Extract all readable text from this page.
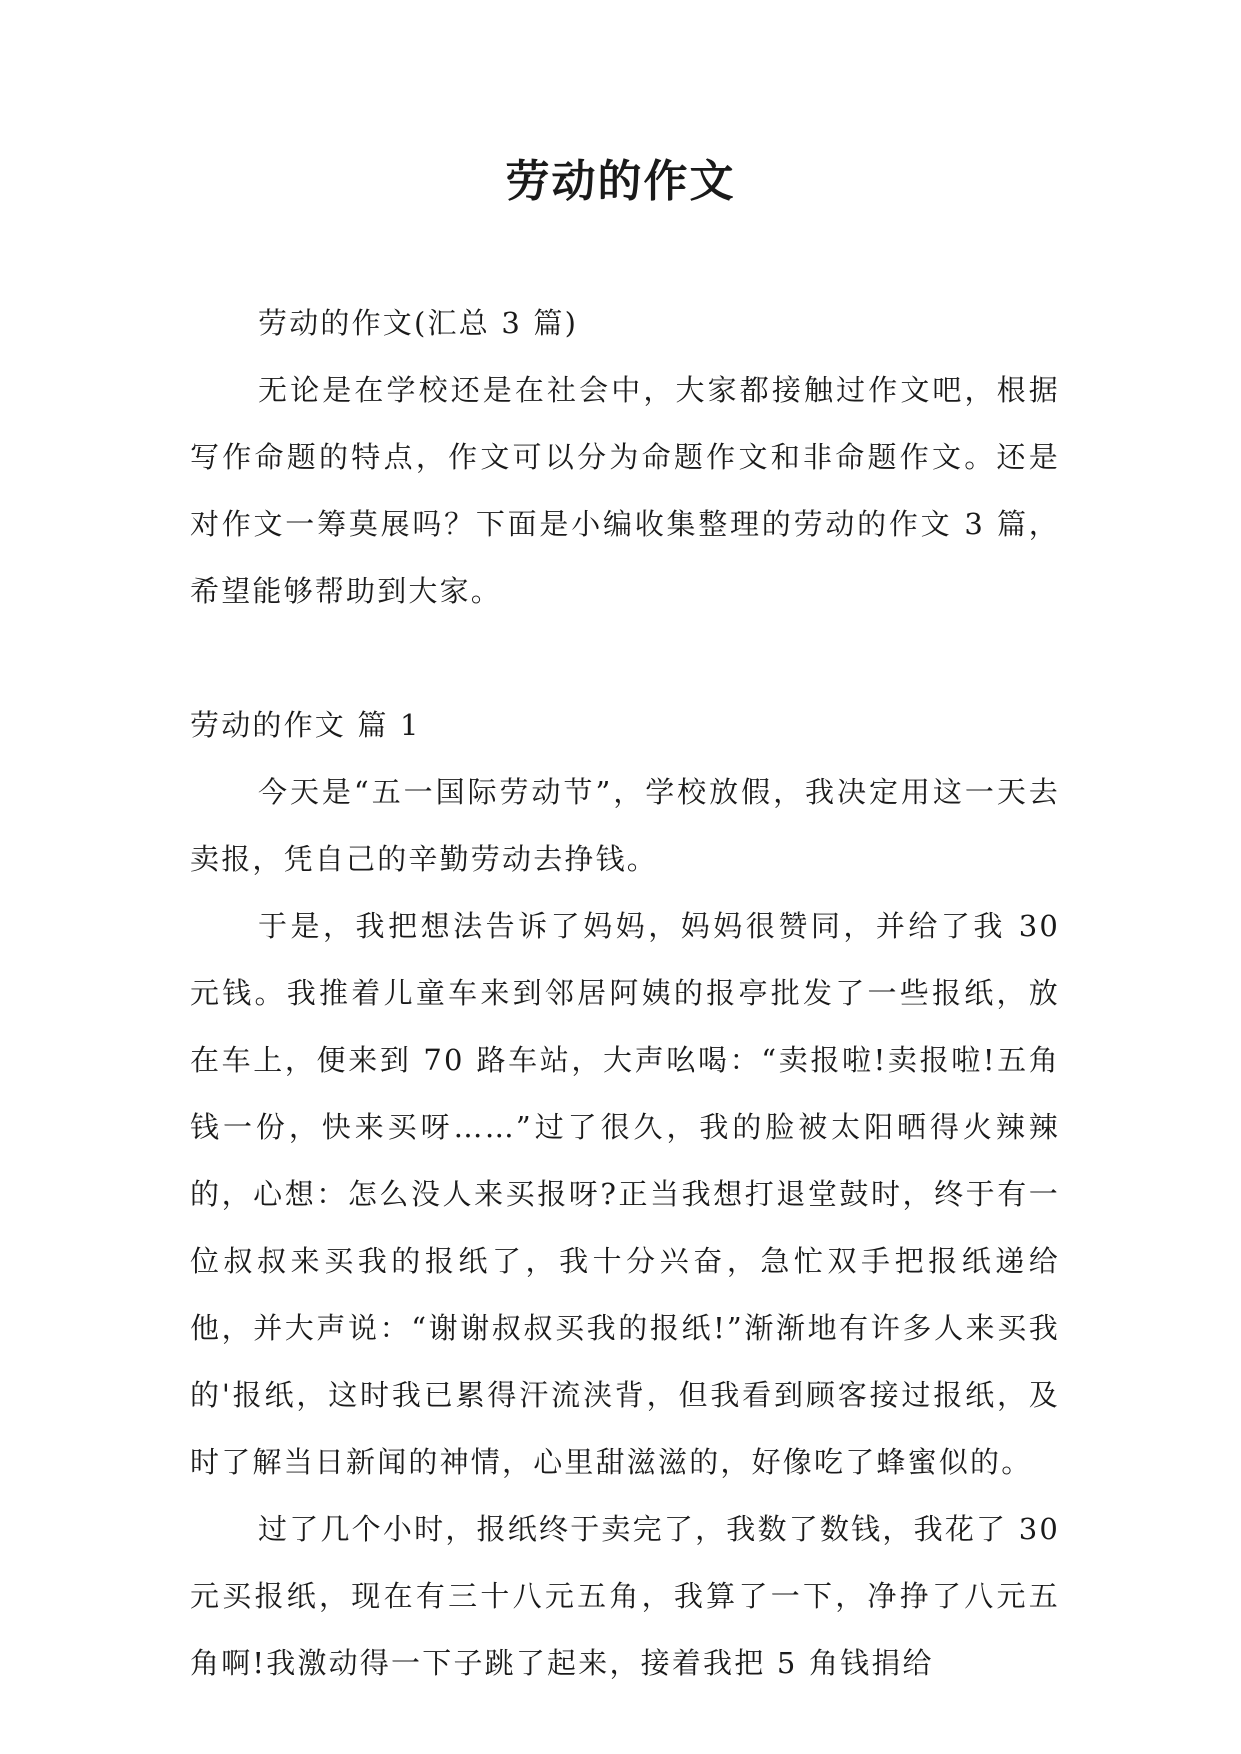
劳动的作文

劳动的作文(汇总 3 篇)

无论是在学校还是在社会中，大家都接触过作文吧，根据写作命题的特点，作文可以分为命题作文和非命题作文。还是对作文一筹莫展吗？下面是小编收集整理的劳动的作文 3 篇，希望能够帮助到大家。

劳动的作文 篇 1

今天是“五一国际劳动节”，学校放假，我决定用这一天去卖报，凭自己的辛勤劳动去挣钱。

于是，我把想法告诉了妈妈，妈妈很赞同，并给了我 30 元钱。我推着儿童车来到邻居阿姨的报亭批发了一些报纸，放在车上，便来到 70 路车站，大声吆喝：“卖报啦!卖报啦!五角钱一份，快来买呀……”过了很久，我的脸被太阳晒得火辣辣的，心想：怎么没人来买报呀?正当我想打退堂鼓时，终于有一位叔叔来买我的报纸了，我十分兴奋，急忙双手把报纸递给他，并大声说：“谢谢叔叔买我的报纸!”渐渐地有许多人来买我的'报纸，这时我已累得汗流浃背，但我看到顾客接过报纸，及时了解当日新闻的神情，心里甜滋滋的，好像吃了蜂蜜似的。

过了几个小时，报纸终于卖完了，我数了数钱，我花了 30 元买报纸，现在有三十八元五角，我算了一下，净挣了八元五角啊!我激动得一下子跳了起来，接着我把 5 角钱捐给
